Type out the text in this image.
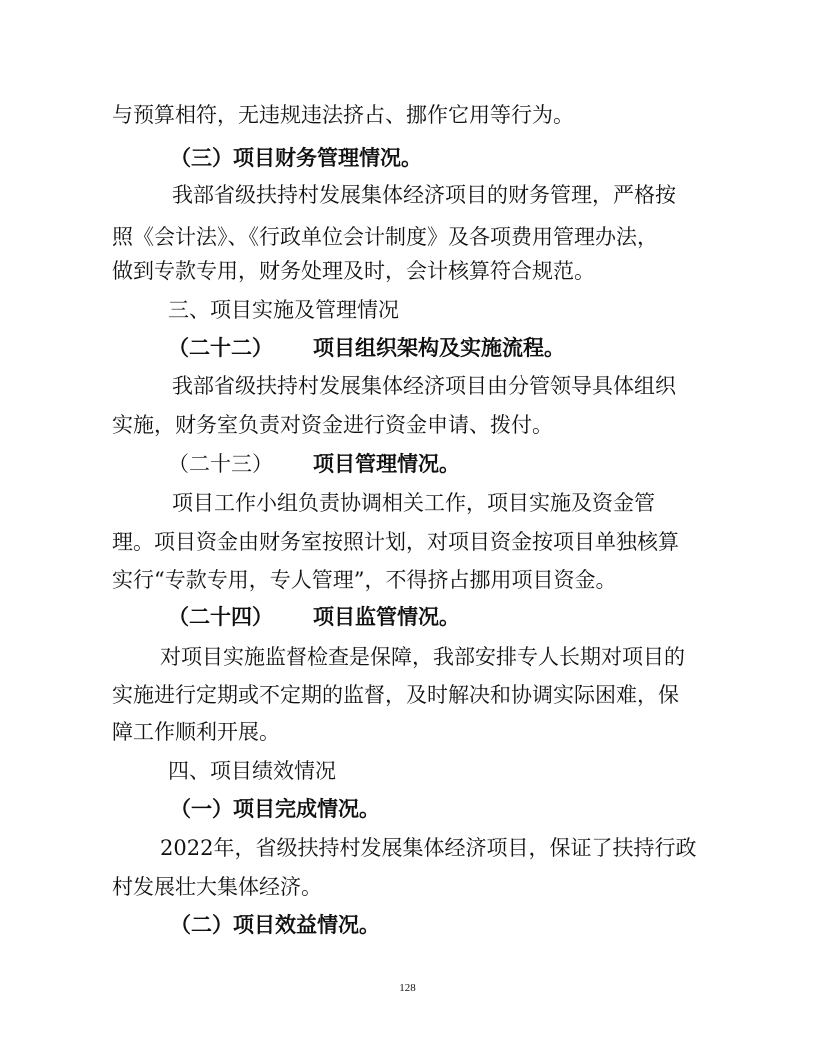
与预算相符，无违规违法挤占、挪作它用等行为。
（三）项目财务管理情况。
我部省级扶持村发展集体经济项目的财务管理，严格按
照《会计法》、《行政单位会计制度》及各项费用管理办法，
做到专款专用，财务处理及时，会计核算符合规范。
三、项目实施及管理情况
（二十二） 项目组织架构及实施流程。
我部省级扶持村发展集体经济项目由分管领导具体组织
实施，财务室负责对资金进行资金申请、拨付。
（二十三） 项目管理情况。
项目工作小组负责协调相关工作，项目实施及资金管
理。项目资金由财务室按照计划，对项目资金按项目单独核算
实行“专款专用，专人管理”，不得挤占挪用项目资金。
（二十四） 项目监管情况。
对项目实施监督检查是保障，我部安排专人长期对项目的
实施进行定期或不定期的监督，及时解决和协调实际困难，保
障工作顺利开展。
四、项目绩效情况
（一）项目完成情况。
2022年，省级扶持村发展集体经济项目，保证了扶持行政
村发展壮大集体经济。
（二）项目效益情况。
128
